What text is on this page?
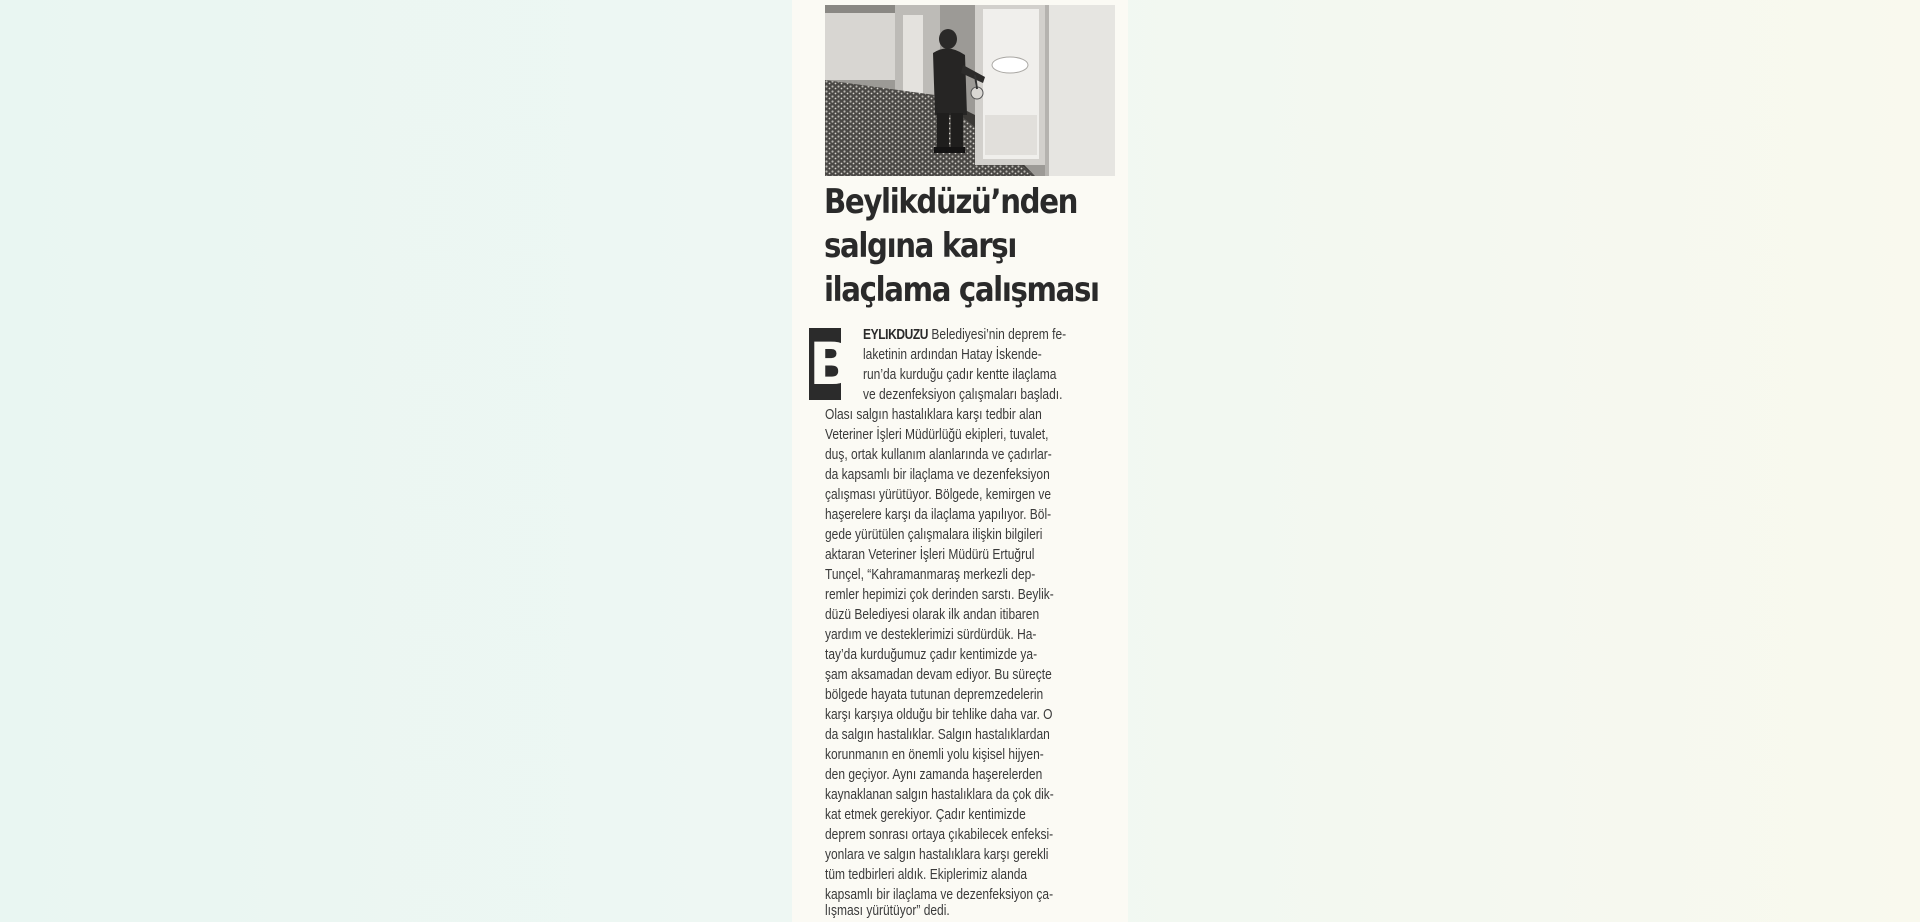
Beylikdüzü’nden
salgına karşı
ilaçlama çalışması
B EYLIKDUZU Belediyesi’nin deprem fe-
laketinin ardından Hatay İskende-
run’da kurduğu çadır kentte ilaçlama
ve dezenfeksiyon çalışmaları başladı.
Olası salgın hastalıklara karşı tedbir alan
Veteriner İşleri Müdürlüğü ekipleri, tuvalet,
duş, ortak kullanım alanlarında ve çadırlar-
da kapsamlı bir ilaçlama ve dezenfeksiyon
çalışması yürütüyor. Bölgede, kemirgen ve
haşerelere karşı da ilaçlama yapılıyor. Böl-
gede yürütülen çalışmalara ilişkin bilgileri
aktaran Veteriner İşleri Müdürü Ertuğrul
Tunçel, “Kahramanmaraş merkezli dep-
remler hepimizi çok derinden sarstı. Beylik-
düzü Belediyesi olarak ilk andan itibaren
yardım ve desteklerimizi sürdürdük. Ha-
tay’da kurduğumuz çadır kentimizde ya-
şam aksamadan devam ediyor. Bu süreçte
bölgede hayata tutunan depremzedelerin
karşı karşıya olduğu bir tehlike daha var. O
da salgın hastalıklar. Salgın hastalıklardan
korunmanın en önemli yolu kişisel hijyen-
den geçiyor. Aynı zamanda haşerelerden
kaynaklanan salgın hastalıklara da çok dik-
kat etmek gerekiyor. Çadır kentimizde
deprem sonrası ortaya çıkabilecek enfeksi-
yonlara ve salgın hastalıklara karşı gerekli
tüm tedbirleri aldık. Ekiplerimiz alanda
kapsamlı bir ilaçlama ve dezenfeksiyon ça-
lışması yürütüyor” dedi.
